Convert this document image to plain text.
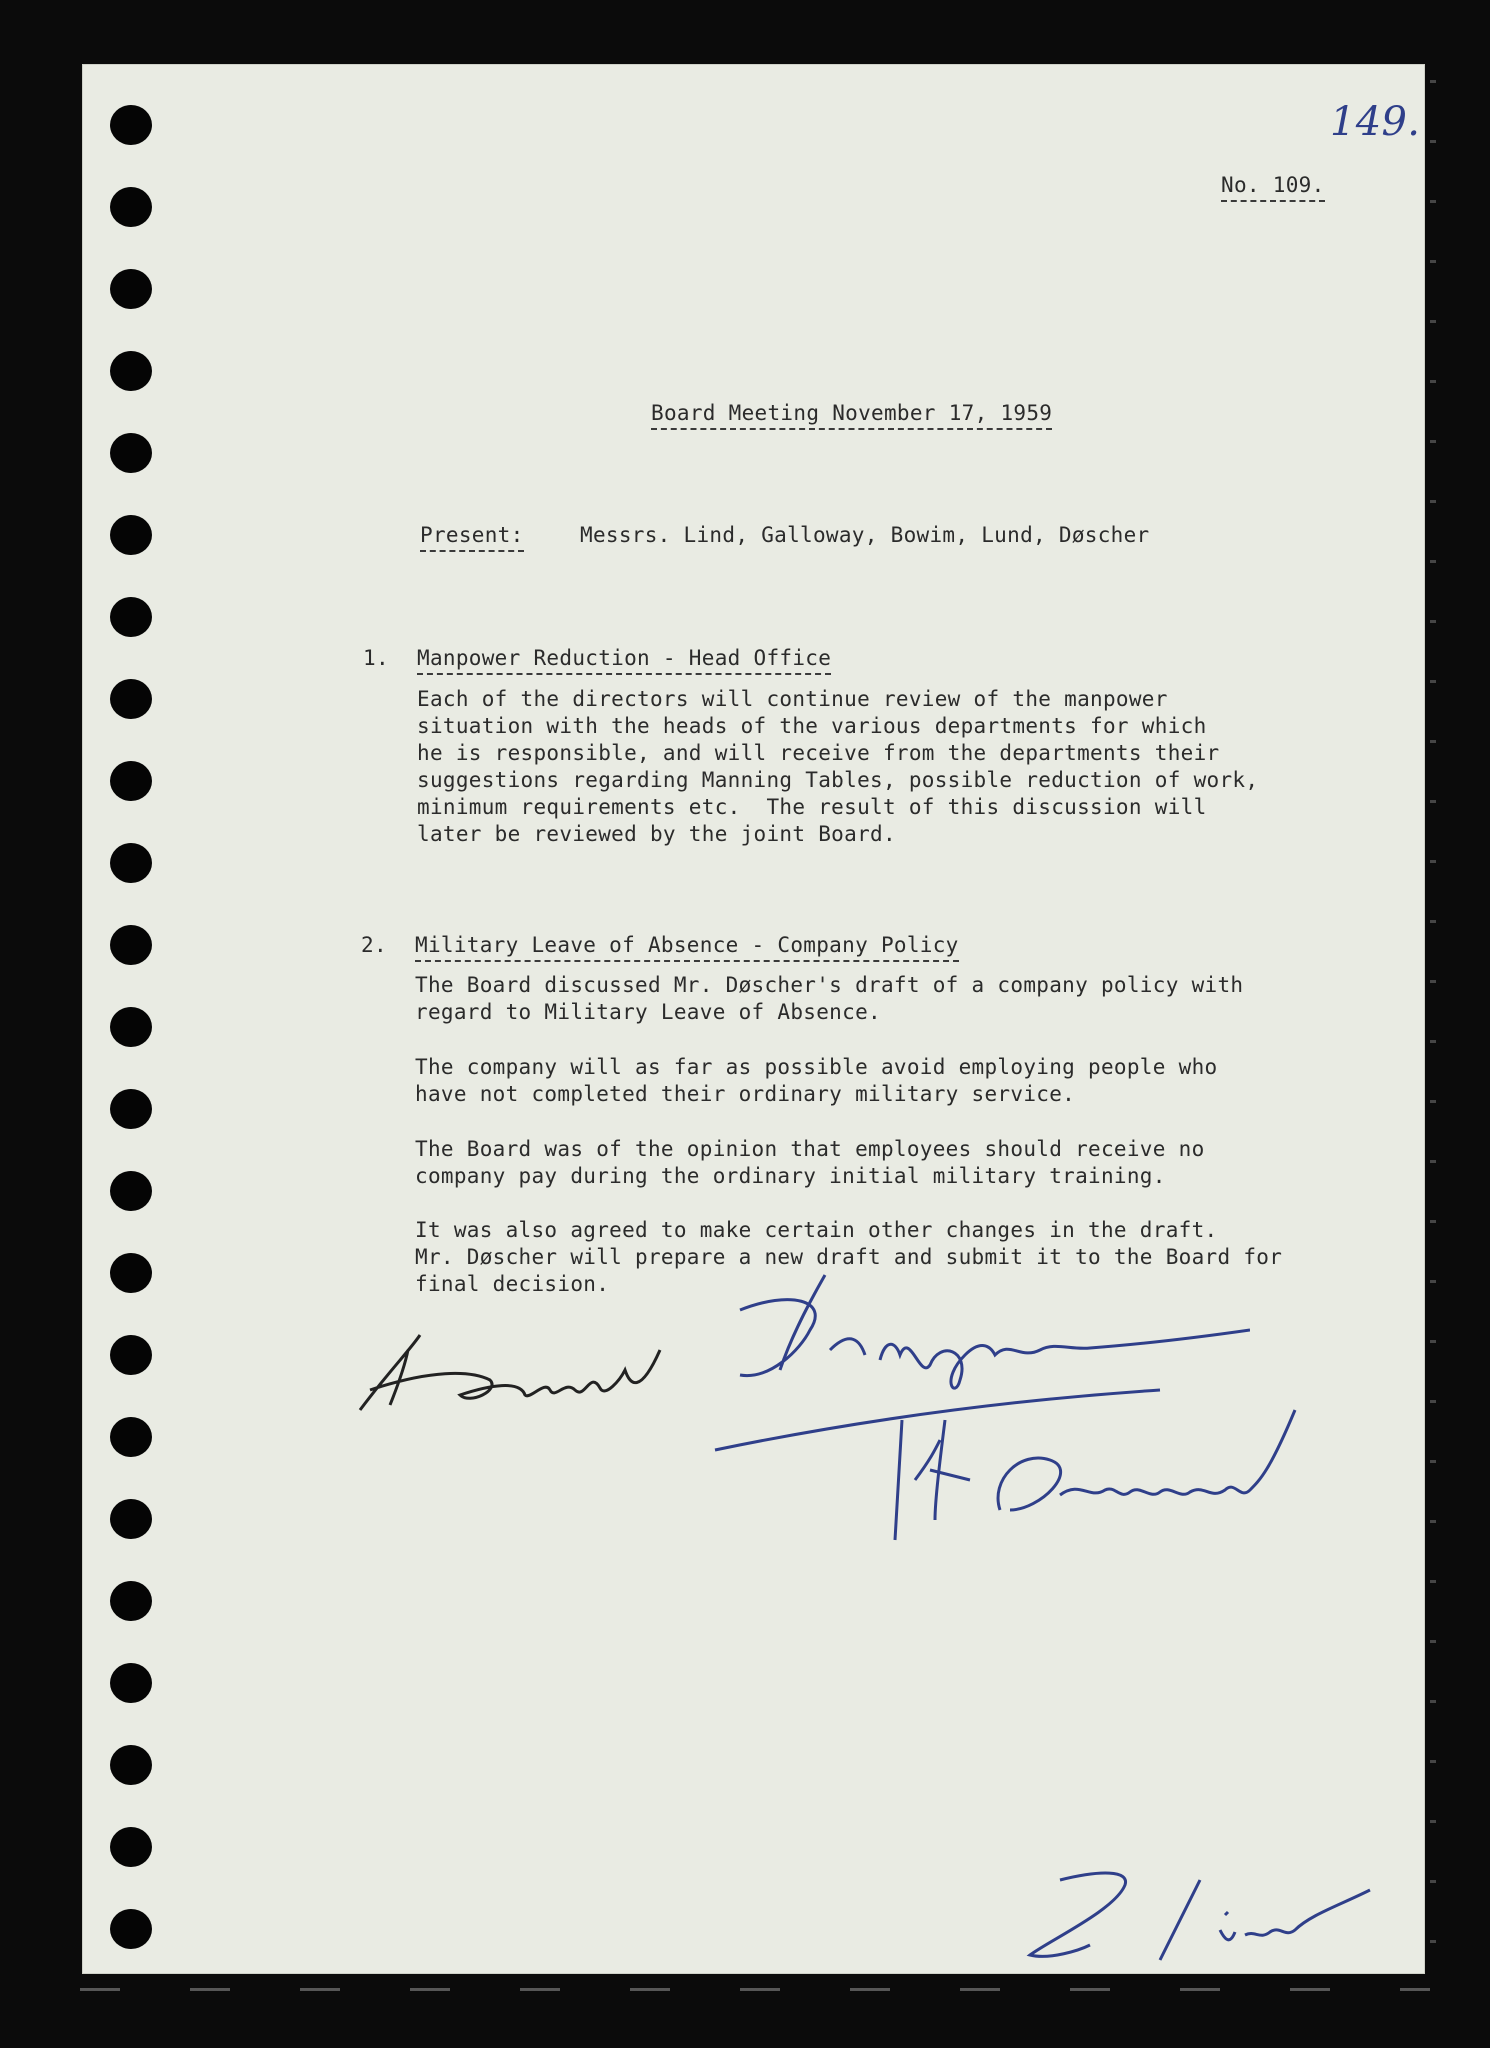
149.
No. 109.
Board Meeting November 17, 1959
Present:	Messrs. Lind, Galloway, Bowim, Lund, Døscher
1. Manpower Reduction - Head Office
Each of the directors will continue review of the manpower
situation with the heads of the various departments for which
he is responsible, and will receive from the departments their
suggestions regarding Manning Tables, possible reduction of work,
minimum requirements etc.  The result of this discussion will
later be reviewed by the joint Board.
2. Military Leave of Absence - Company Policy
The Board discussed Mr. Døscher's draft of a company policy with
regard to Military Leave of Absence.
The company will as far as possible avoid employing people who
have not completed their ordinary military service.
The Board was of the opinion that employees should receive no
company pay during the ordinary initial military training.
It was also agreed to make certain other changes in the draft.
Mr. Døscher will prepare a new draft and submit it to the Board for
final decision.
